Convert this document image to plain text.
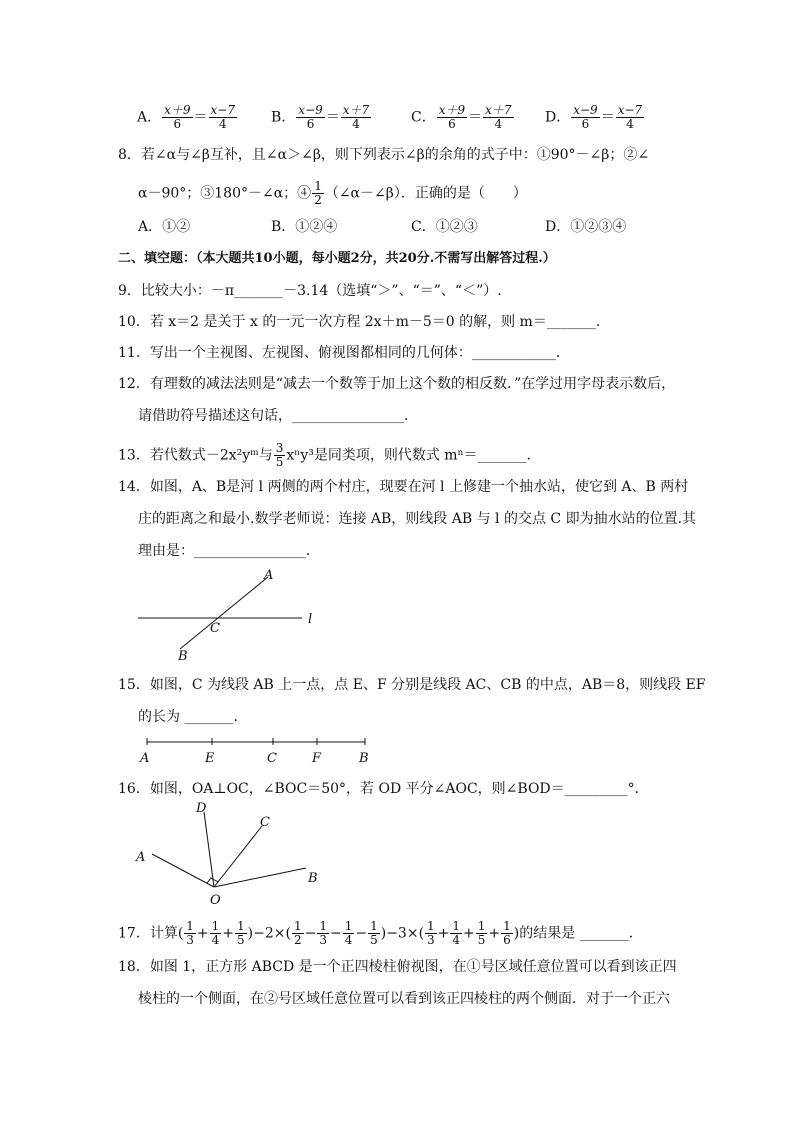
A． $\frac{x+9}{6} = \frac{x-7}{4}$ B． $\frac{x-9}{6} = \frac{x+7}{4}$	C． $\frac{x+9}{6} = \frac{x+7}{4}$ D． $\frac{x-9}{6} = \frac{x-7}{4}$
8．若∠α与∠β互补，且∠α＞∠β，则下列表示∠β的余角的式子中：①90°－∠β；②∠
α－90°；③180°－∠α；④ $\frac{1}{2}$ （∠α－∠β）．正确的是（　　）
A．①②	B．①②④	C．①②③	D．①②③④
二、填空题：（本大题共10小题，每小题2分，共20分.不需写出解答过程.）
9．比较大小：－π_______－3.14（选填“＞”、“＝”、“＜”）.
10．若 x＝2 是关于 x 的一元一次方程 2x＋m－5＝0 的解，则 m＝_______．
11．写出一个主视图、左视图、俯视图都相同的几何体：____________．
12．有理数的减法法则是“减去一个数等于加上这个数的相反数．”在学过用字母表示数后，
请借助符号描述这句话，________________．
13．若代数式－2x²yᵐ与 $\frac{3}{5} x^ny^3$是同类项，则代数式 mⁿ＝_______．
14．如图，A、B是河 l 两侧的两个村庄，现要在河 l 上修建一个抽水站，使它到 A、B 两村
庄的距离之和最小.数学老师说：连接 AB，则线段 AB 与 l 的交点 C 即为抽水站的位置.其
理由是：________________．
A
l
C
B
15．如图，C 为线段 AB 上一点，点 E、F 分别是线段 AC、CB 的中点，AB＝8，则线段 EF
的长为 _______．
A	E	C	F	B
16．如图，OA⊥OC，∠BOC＝50°，若 OD 平分∠AOC，则∠BOD＝_________°．
D
C
A
B
O
17．计算( $\frac{1}{3} + \frac{1}{4} + \frac{1}{5} )-2\times( \frac{1}{2} - \frac{1}{3} - \frac{1}{4} - \frac{1}{5} )-3\times( \frac{1}{3} + \frac{1}{4} + \frac{1}{5} + \frac{1}{6}$ )的结果是 _______．
18．如图 1，正方形 ABCD 是一个正四棱柱俯视图，在①号区域任意位置可以看到该正四
棱柱的一个侧面，在②号区域任意位置可以看到该正四棱柱的两个侧面．对于一个正六
